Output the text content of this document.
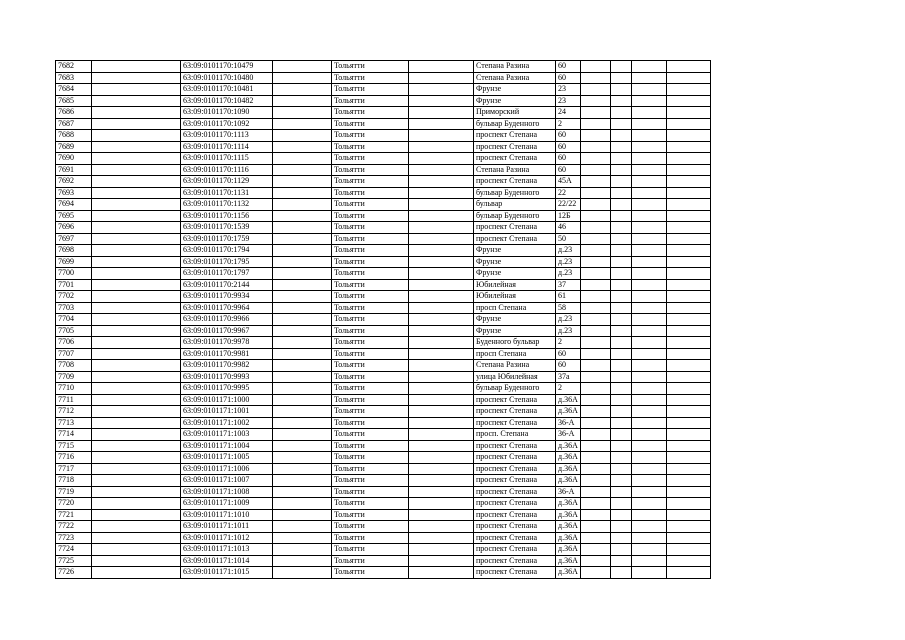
7682		63:09:0101170:10479		Тольятти		Степана Разина	60				
7683		63:09:0101170:10480		Тольятти		Степана Разина	60				
7684		63:09:0101170:10481		Тольятти		Фрунзе	23				
7685		63:09:0101170:10482		Тольятти		Фрунзе	23				
7686		63:09:0101170:1090		Тольятти		Приморский	24				
7687		63:09:0101170:1092		Тольятти		бульвар Буденного	2				
7688		63:09:0101170:1113		Тольятти		проспект Степана	60				
7689		63:09:0101170:1114		Тольятти		проспект Степана	60				
7690		63:09:0101170:1115		Тольятти		проспект Степана	60				
7691		63:09:0101170:1116		Тольятти		Степана Разина	60				
7692		63:09:0101170:1129		Тольятти		проспект Степана	45А				
7693		63:09:0101170:1131		Тольятти		бульвар Буденного	22				
7694		63:09:0101170:1132		Тольятти		бульвар	22/22				
7695		63:09:0101170:1156		Тольятти		бульвар Буденного	12Б				
7696		63:09:0101170:1539		Тольятти		проспект Степана	46				
7697		63:09:0101170:1759		Тольятти		проспект Степана	50				
7698		63:09:0101170:1794		Тольятти		Фрунзе	д.23				
7699		63:09:0101170:1795		Тольятти		Фрунзе	д.23				
7700		63:09:0101170:1797		Тольятти		Фрунзе	д.23				
7701		63:09:0101170:2144		Тольятти		Юбилейная	37				
7702		63:09:0101170:9934		Тольятти		Юбилейная	61				
7703		63:09:0101170:9964		Тольятти		просп Степана	58				
7704		63:09:0101170:9966		Тольятти		Фрунзе	д.23				
7705		63:09:0101170:9967		Тольятти		Фрунзе	д.23				
7706		63:09:0101170:9978		Тольятти		Буденного бульвар	2				
7707		63:09:0101170:9981		Тольятти		просп Степана	60				
7708		63:09:0101170:9982		Тольятти		Степана Разина	60				
7709		63:09:0101170:9993		Тольятти		улица Юбилейная	37а				
7710		63:09:0101170:9995		Тольятти		бульвар Буденного	2				
7711		63:09:0101171:1000		Тольятти		проспект Степана	д.36А				
7712		63:09:0101171:1001		Тольятти		проспект Степана	д.36А				
7713		63:09:0101171:1002		Тольятти		проспект Степана	36-А				
7714		63:09:0101171:1003		Тольятти		просп. Степана	36-А				
7715		63:09:0101171:1004		Тольятти		проспект Степана	д.36А				
7716		63:09:0101171:1005		Тольятти		проспект Степана	д.36А				
7717		63:09:0101171:1006		Тольятти		проспект Степана	д.36А				
7718		63:09:0101171:1007		Тольятти		проспект Степана	д.36А				
7719		63:09:0101171:1008		Тольятти		проспект Степана	36-А				
7720		63:09:0101171:1009		Тольятти		проспект Степана	д.36А				
7721		63:09:0101171:1010		Тольятти		проспект Степана	д.36А				
7722		63:09:0101171:1011		Тольятти		проспект Степана	д.36А				
7723		63:09:0101171:1012		Тольятти		проспект Степана	д.36А				
7724		63:09:0101171:1013		Тольятти		проспект Степана	д.36А				
7725		63:09:0101171:1014		Тольятти		проспект Степана	д.36А				
7726		63:09:0101171:1015		Тольятти		проспект Степана	д.36А				
